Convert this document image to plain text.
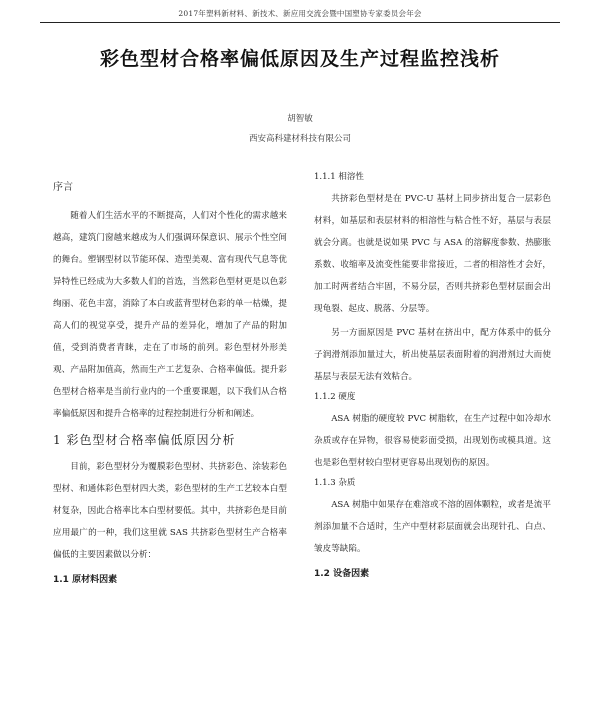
2017年塑料新材料、新技术、新应用交流会暨中国塑协专家委员会年会
彩色型材合格率偏低原因及生产过程监控浅析
胡智敏
西安高科建材科技有限公司
序言

随着人们生活水平的不断提高，人们对个性化的需求越来越高，建筑门窗越来越成为人们强调环保意识、展示个性空间的舞台。塑钢型材以节能环保、造型美观、富有现代气息等优异特性已经成为大多数人们的首选，当然彩色型材更是以色彩绚丽、花色丰富，消除了本白或蓝背型材色彩的单一枯燥，提高人们的视觉享受，提升产品的差异化，增加了产品的附加值，受到消费者青睐，走在了市场的前列。彩色型材外形美观、产品附加值高，然而生产工艺复杂、合格率偏低。提升彩色型材合格率是当前行业内的一个重要课题，以下我们从合格率偏低原因和提升合格率的过程控制进行分析和阐述。

1 彩色型材合格率偏低原因分析

目前，彩色型材分为覆膜彩色型材、共挤彩色、涂装彩色型材、和通体彩色型材四大类，彩色型材的生产工艺较本白型材复杂，因此合格率比本白型材要低。其中，共挤彩色是目前应用最广的一种，我们这里就 SAS 共挤彩色型材生产合格率偏低的主要因素做以分析：

1.1 原材料因素
1.1.1 相溶性

共挤彩色型材是在 PVC-U 基材上同步挤出复合一层彩色材料，如基层和表层材料的相溶性与粘合性不好，基层与表层就会分离。也就是说如果 PVC 与 ASA 的溶解度参数、热膨胀系数、收缩率及流变性能要非常接近，二者的相溶性才会好，加工时两者结合牢固，不易分层，否则共挤彩色型材层面会出现龟裂、起皮、脱落、分层等。

另一方面原因是 PVC 基材在挤出中，配方体系中的低分子润滑剂添加量过大，析出使基层表面附着的润滑剂过大而使基层与表层无法有效粘合。

1.1.2 硬度

ASA 树脂的硬度较 PVC 树脂软，在生产过程中如冷却水杂质或存在异物，很容易使彩面受损，出现划伤或模具道。这也是彩色型材较白型材更容易出现划伤的原因。

1.1.3 杂质

ASA 树脂中如果存在难溶或不溶的固体颗粒，或者是流平剂添加量不合适时，生产中型材彩层面就会出现针孔、白点、皱皮等缺陷。

1.2 设备因素
